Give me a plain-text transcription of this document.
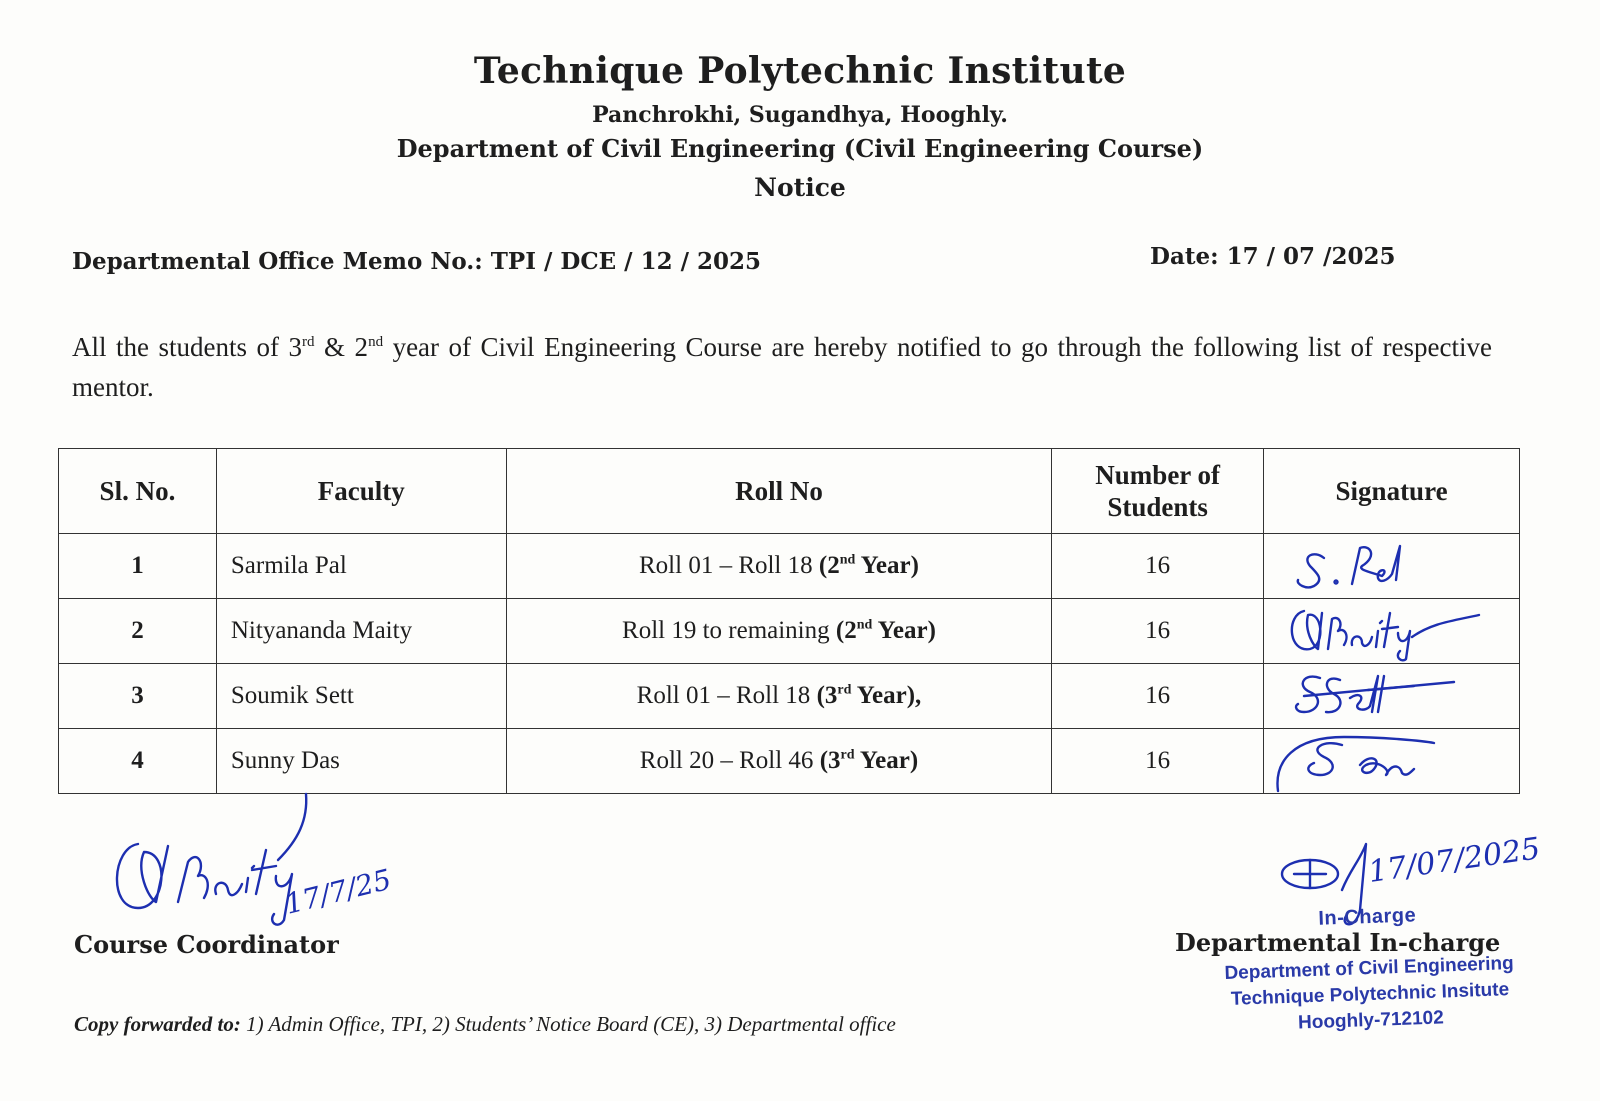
Technique Polytechnic Institute
Panchrokhi, Sugandhya, Hooghly.
Department of Civil Engineering (Civil Engineering Course)
Notice
Departmental Office Memo No.: TPI / DCE / 12 / 2025	Date: 17 / 07 /2025
All the students of 3rd & 2nd year of Civil Engineering Course are hereby notified to go through the following list of respective mentor.
Sl. No.	Faculty	Roll No	Number of Students	Signature
1	Sarmila Pal	Roll 01 – Roll 18 (2nd Year)	16	

2	Nityananda Maity	Roll 19 to remaining (2nd Year)	16	

3	Soumik Sett	Roll 01 – Roll 18 (3rd Year),	16	

4	Sunny Das	Roll 20 – Roll 46 (3rd Year)	16	
17/7/25
17/07/2025
Course Coordinator	Departmental In-charge
In-Charge
Department of Civil Engineering
Technique Polytechnic Insitute
Hooghly-712102
Copy forwarded to: 1) Admin Office, TPI, 2) Students’ Notice Board (CE), 3) Departmental office
